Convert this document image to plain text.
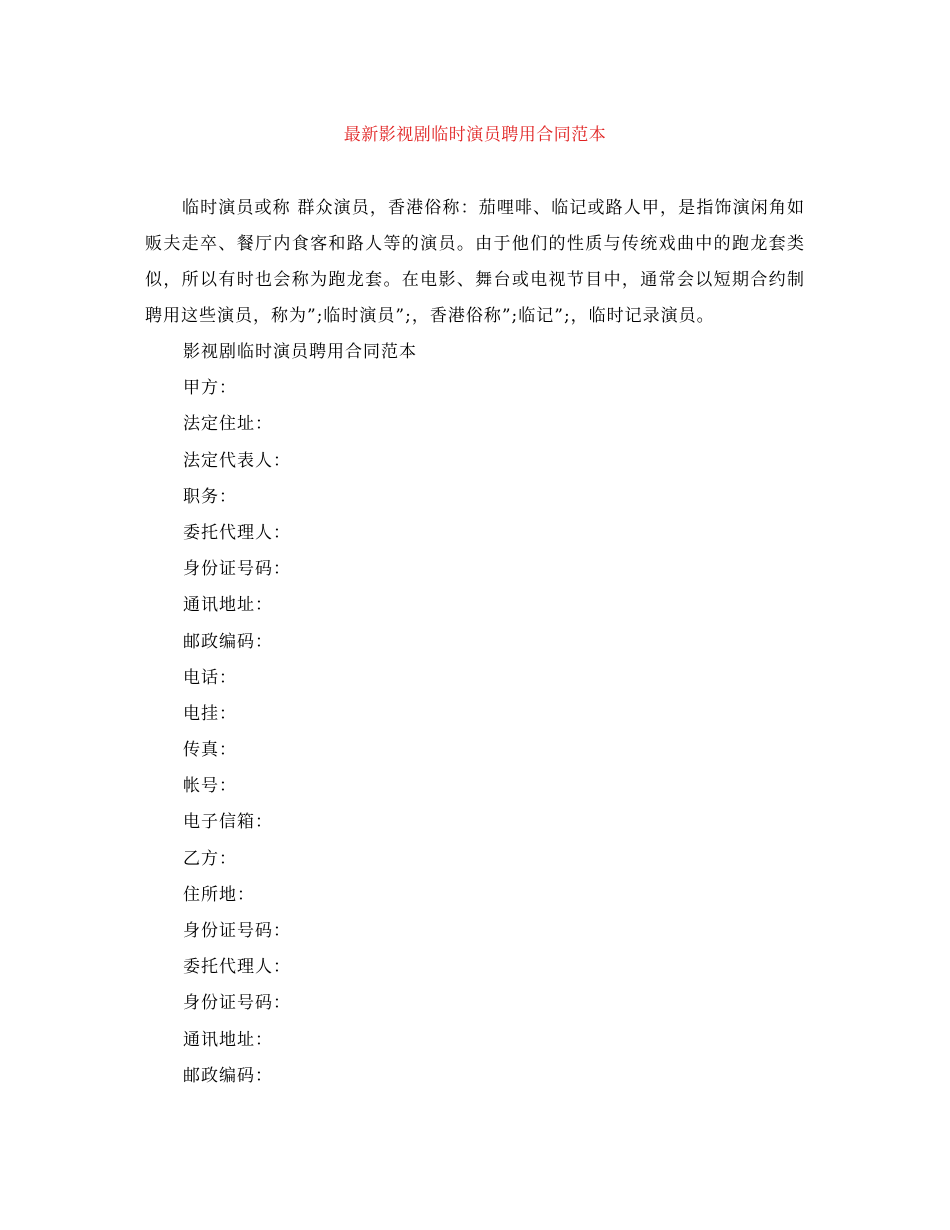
最新影视剧临时演员聘用合同范本

临时演员或称 群众演员，香港俗称：茄哩啡、临记或路人甲，是指饰演闲角如贩夫走卒、餐厅内食客和路人等的演员。由于他们的性质与传统戏曲中的跑龙套类似，所以有时也会称为跑龙套。在电影、舞台或电视节目中，通常会以短期合约制聘用这些演员，称为”;临时演员”;，香港俗称”;临记”;，临时记录演员。

影视剧临时演员聘用合同范本
甲方：
法定住址：
法定代表人：
职务：
委托代理人：
身份证号码：
通讯地址：
邮政编码：
电话：
电挂：
传真：
帐号：
电子信箱：
乙方：
住所地：
身份证号码：
委托代理人：
身份证号码：
通讯地址：
邮政编码：
